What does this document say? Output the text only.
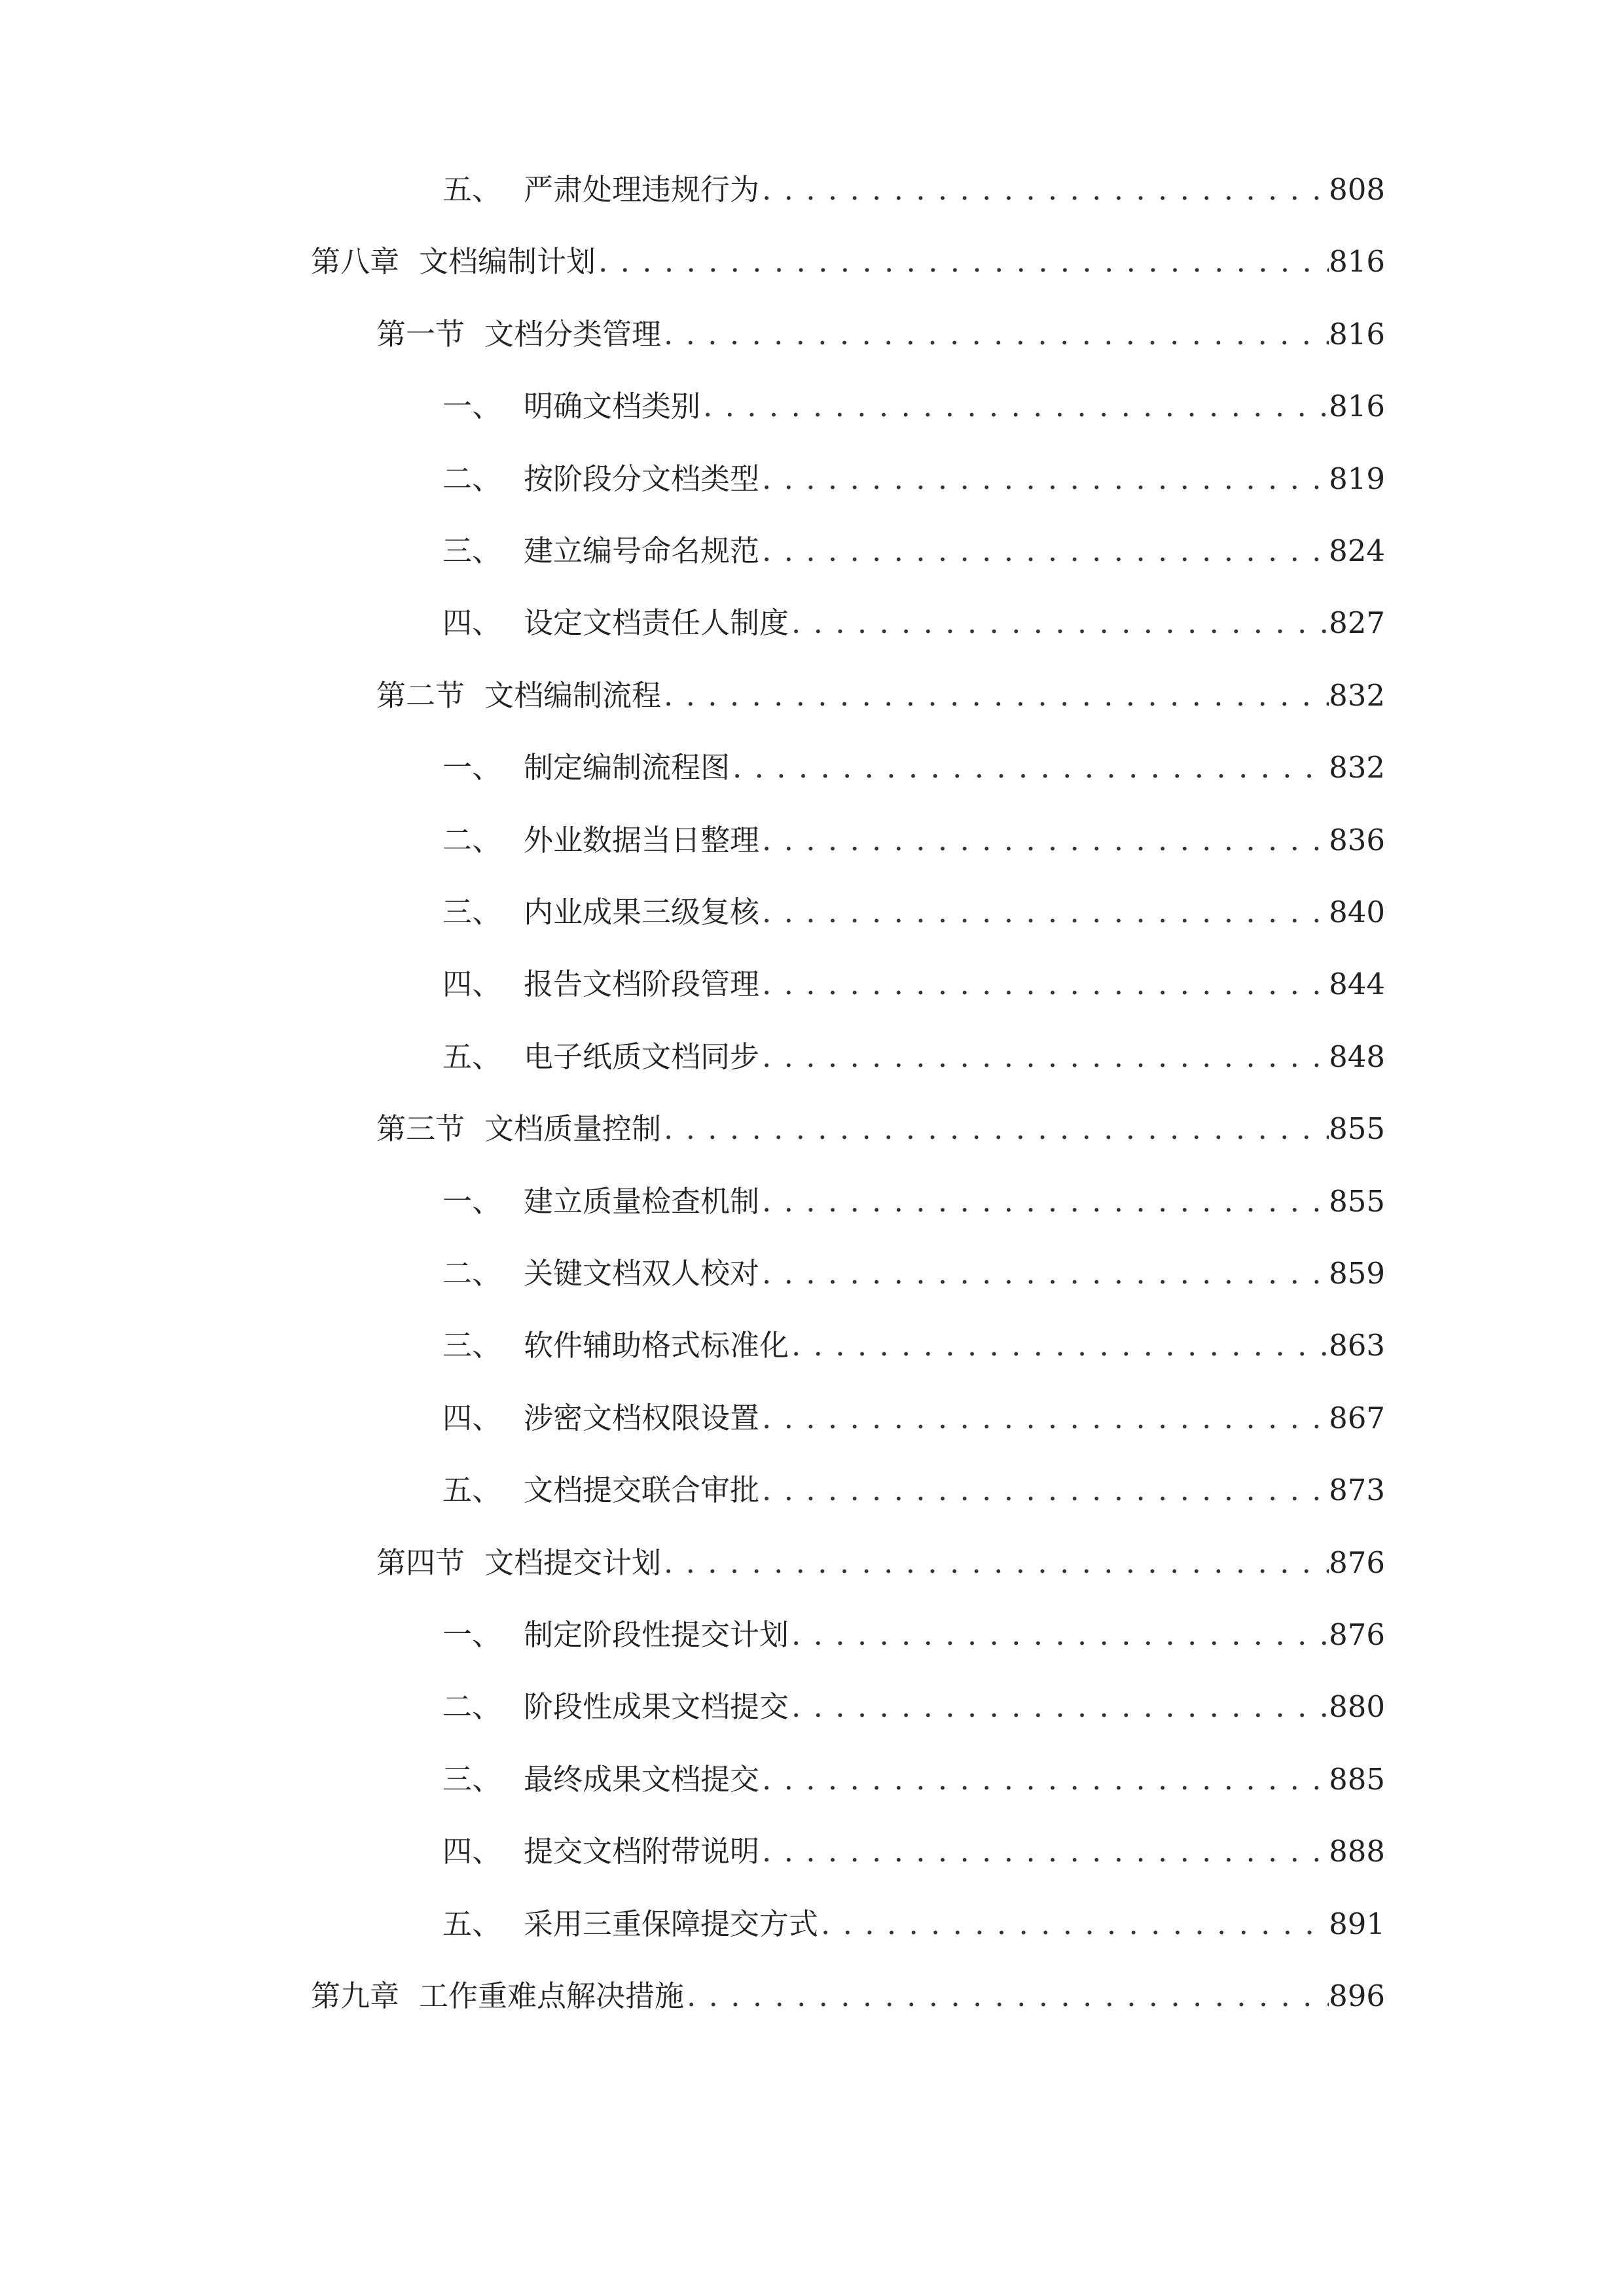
五、 严肃处理违规行为 . . .	808
第八章 文档编制计划 . . .	816
第一节 文档分类管理 . . .	816
一、 明确文档类别 . . .	816
二、 按阶段分文档类型 . . .	819
三、 建立编号命名规范 . . .	824
四、 设定文档责任人制度 . . .	827
第二节 文档编制流程 . . .	832
一、 制定编制流程图 . . .	832
二、 外业数据当日整理 . . .	836
三、 内业成果三级复核 . . .	840
四、 报告文档阶段管理 . . .	844
五、 电子纸质文档同步 . . .	848
第三节 文档质量控制 . . .	855
一、 建立质量检查机制 . . .	855
二、 关键文档双人校对 . . .	859
三、 软件辅助格式标准化 . . .	863
四、 涉密文档权限设置 . . .	867
五、 文档提交联合审批 . . .	873
第四节 文档提交计划 . . .	876
一、 制定阶段性提交计划 . . .	876
二、 阶段性成果文档提交 . . .	880
三、 最终成果文档提交 . . .	885
四、 提交文档附带说明 . . .	888
五、 采用三重保障提交方式 . . .	891
第九章 工作重难点解决措施 . . .	896
